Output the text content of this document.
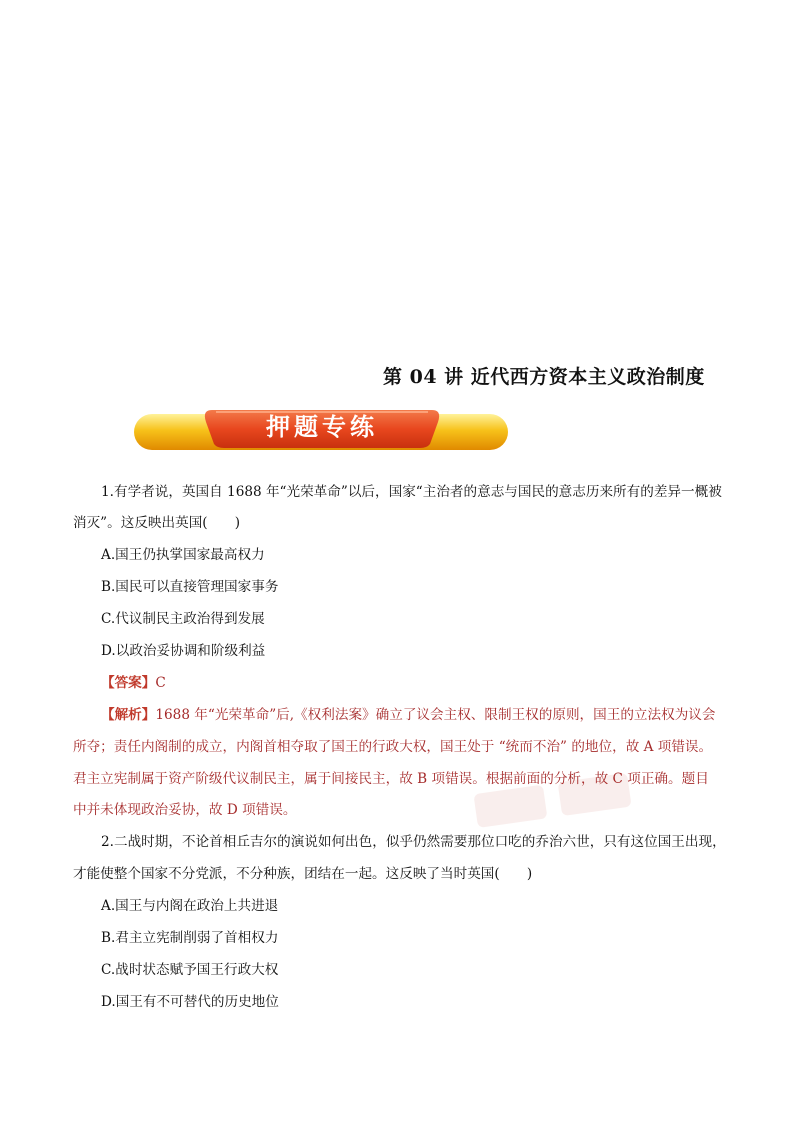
第 04 讲 近代西方资本主义政治制度
押题专练
1.有学者说，英国自 1688 年“光荣革命”以后，国家“主治者的意志与国民的意志历来所有的差异一概被
消灭”。这反映出英国(　　)
A.国王仍执掌国家最高权力
B.国民可以直接管理国家事务
C.代议制民主政治得到发展
D.以政治妥协调和阶级利益
【答案】C
【解析】1688 年“光荣革命”后,《权利法案》确立了议会主权、限制王权的原则，国王的立法权为议会
所夺；责任内阁制的成立，内阁首相夺取了国王的行政大权，国王处于 “统而不治” 的地位，故 A 项错误。
君主立宪制属于资产阶级代议制民主，属于间接民主，故 B 项错误。根据前面的分析，故 C 项正确。题目
中并未体现政治妥协，故 D 项错误。
2.二战时期，不论首相丘吉尔的演说如何出色，似乎仍然需要那位口吃的乔治六世，只有这位国王出现，
才能使整个国家不分党派，不分种族，团结在一起。这反映了当时英国(　　)
A.国王与内阁在政治上共进退
B.君主立宪制削弱了首相权力
C.战时状态赋予国王行政大权
D.国王有不可替代的历史地位
